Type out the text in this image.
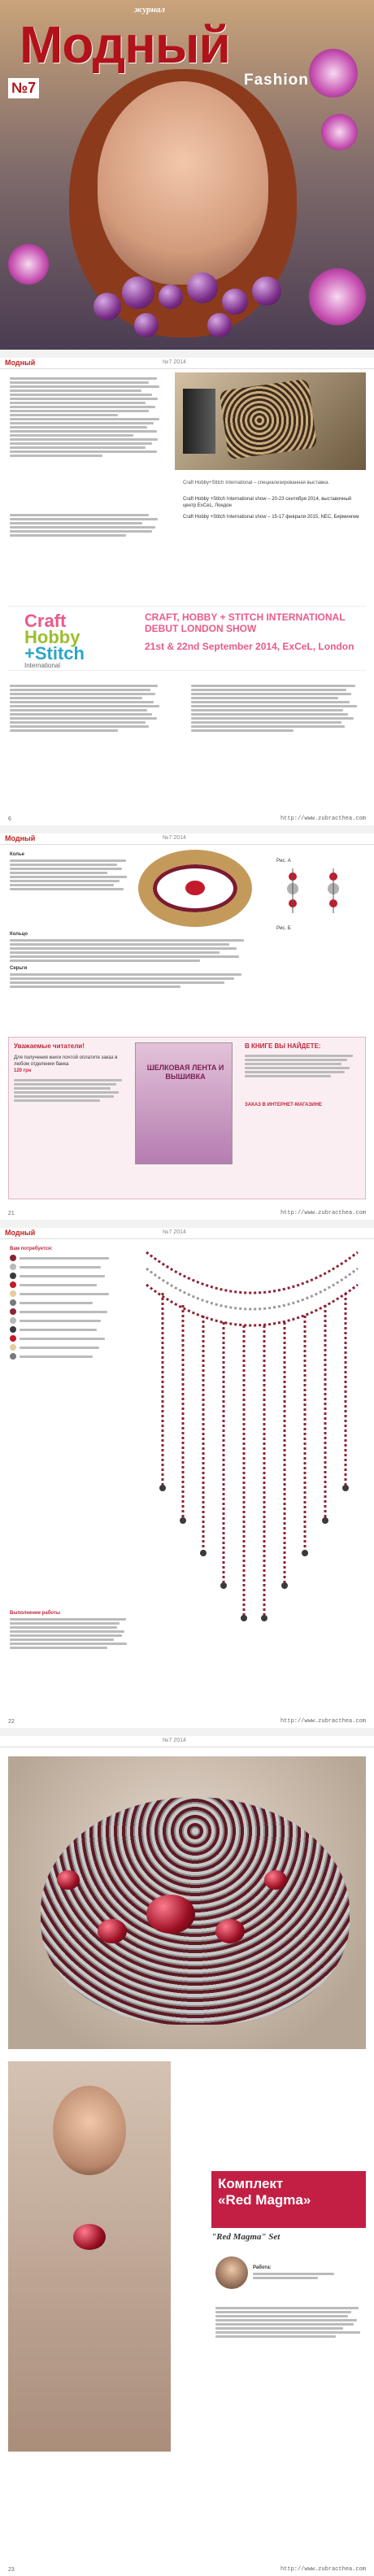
журнал
Модный
Fashion
№7
Модный	№7 2014
Craft Hobby+Stitch International – специализированная выставка.
Craft Hobby +Stitch International show – 20-23 сентября 2014, выставочный центр ExCeL, Лондон
Craft Hobby +Stitch International show – 15-17 февраля 2015, NEC, Бирмингем
Craft
Hobby
+Stitch
International
CRAFT, HOBBY + STITCH INTERNATIONAL DEBUT LONDON SHOW
21st & 22nd September 2014, ExCeL, London
6	http://www.zubracthea.com
Модный	№7 2014
Колье
Рис. А
Рис. Б
Кольцо
Серьги
Уважаемые читатели!
Для получения книги почтой оплатите заказ в любом отделении банка
120 грн	ШЕЛКОВАЯ ЛЕНТА И ВЫШИВКА
В КНИГЕ ВЫ НАЙДЕТЕ:
ЗАКАЗ В ИНТЕРНЕТ-МАГАЗИНЕ
21	http://www.zubracthea.com
Модный	№7 2014
Вам потребуется:
Выполнение работы
22	http://www.zubracthea.com
№7 2014
Комплект
«Red Magma»
"Red Magma" Set
Работа:
23	http://www.zubracthea.com
